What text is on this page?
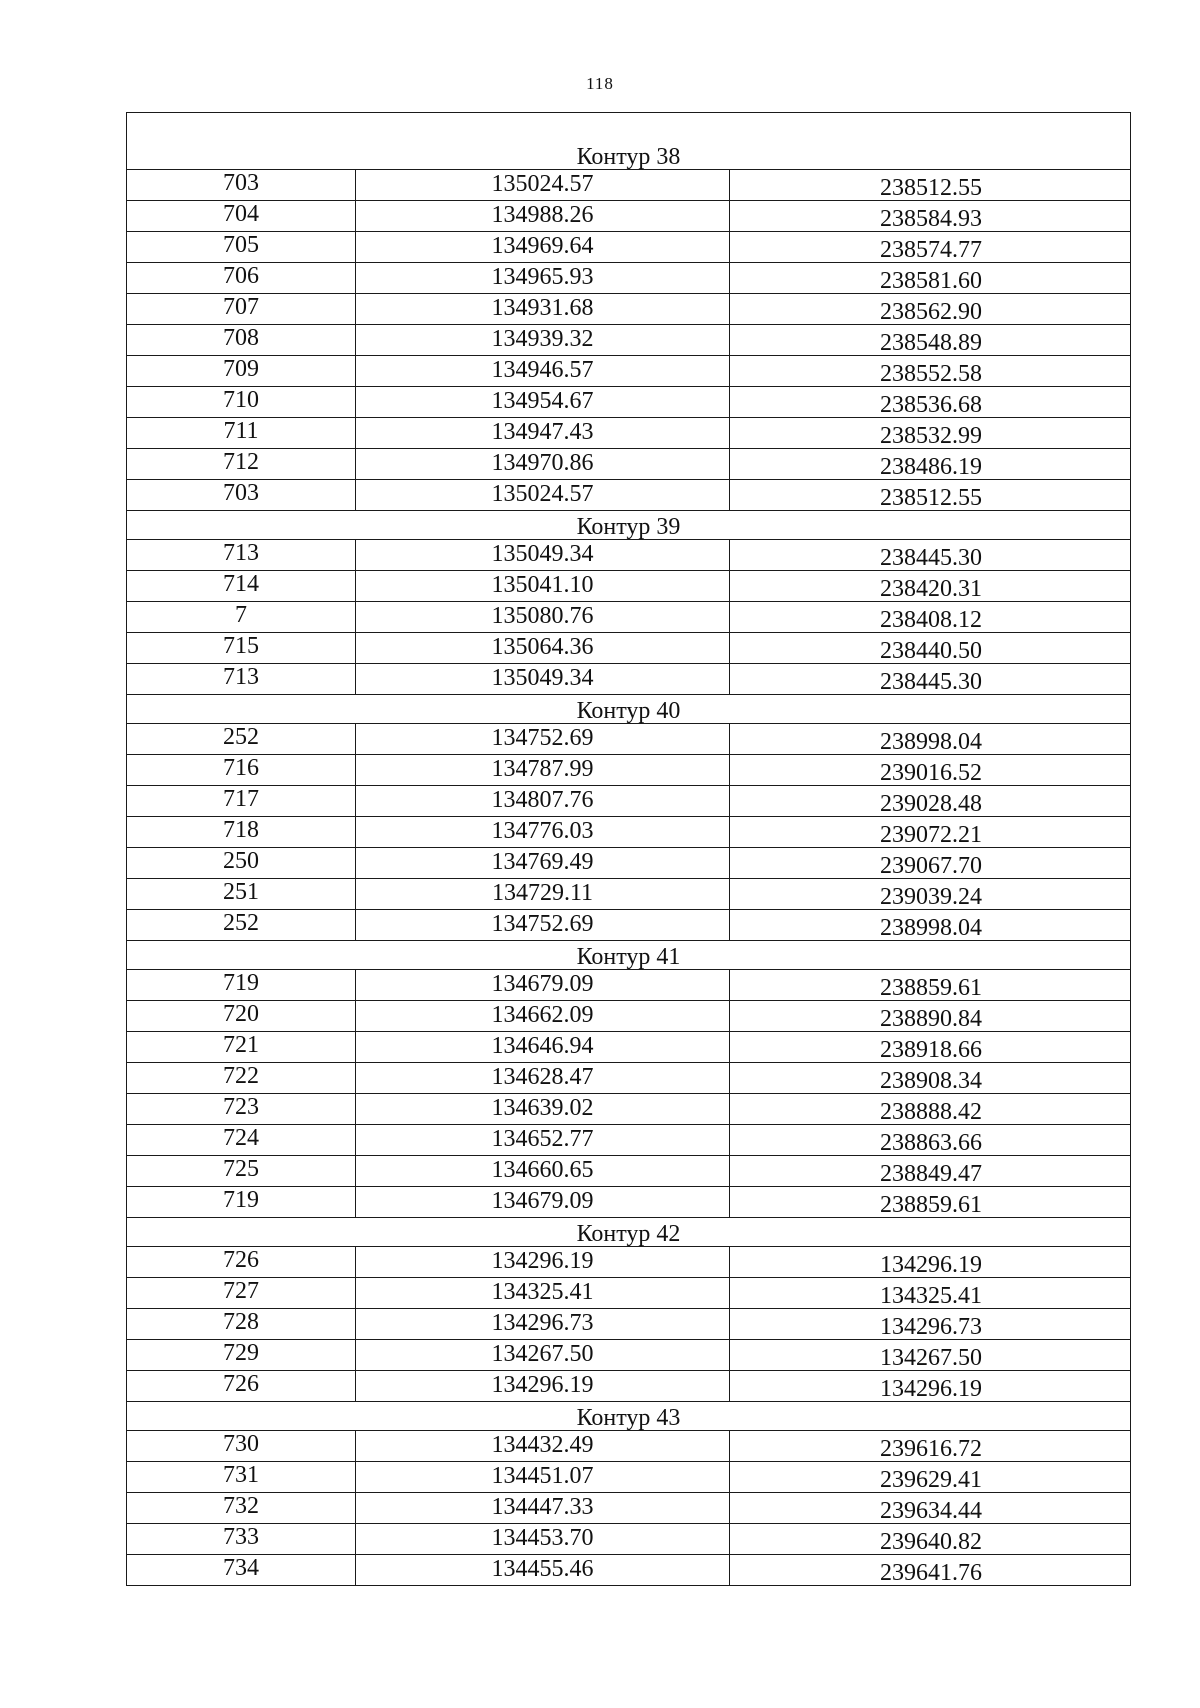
118
Контур 38		
703	135024.57	238512.55
704	134988.26	238584.93
705	134969.64	238574.77
706	134965.93	238581.60
707	134931.68	238562.90
708	134939.32	238548.89
709	134946.57	238552.58
710	134954.67	238536.68
711	134947.43	238532.99
712	134970.86	238486.19
703	135024.57	238512.55
Контур 39		
713	135049.34	238445.30
714	135041.10	238420.31
7	135080.76	238408.12
715	135064.36	238440.50
713	135049.34	238445.30
Контур 40		
252	134752.69	238998.04
716	134787.99	239016.52
717	134807.76	239028.48
718	134776.03	239072.21
250	134769.49	239067.70
251	134729.11	239039.24
252	134752.69	238998.04
Контур 41		
719	134679.09	238859.61
720	134662.09	238890.84
721	134646.94	238918.66
722	134628.47	238908.34
723	134639.02	238888.42
724	134652.77	238863.66
725	134660.65	238849.47
719	134679.09	238859.61
Контур 42		
726	134296.19	134296.19
727	134325.41	134325.41
728	134296.73	134296.73
729	134267.50	134267.50
726	134296.19	134296.19
Контур 43		
730	134432.49	239616.72
731	134451.07	239629.41
732	134447.33	239634.44
733	134453.70	239640.82
734	134455.46	239641.76
